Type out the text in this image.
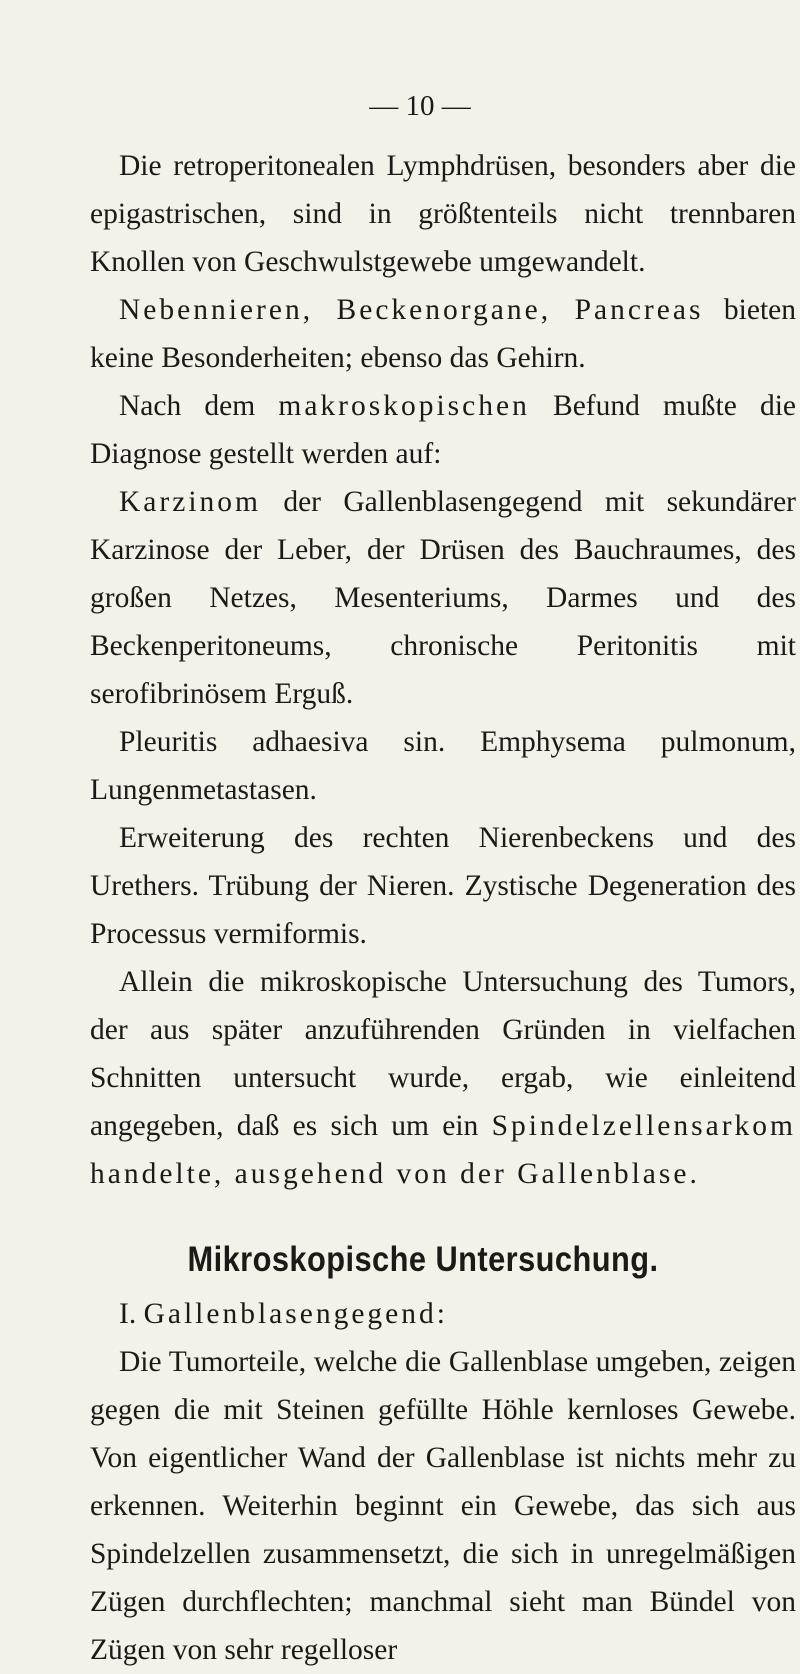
— 10 —

Die retroperitonealen Lymphdrüsen, besonders aber die epigastrischen, sind in größtenteils nicht trennbaren Knollen von Geschwulstgewebe umgewandelt.

Nebennieren, Beckenorgane, Pancreas bieten keine Besonderheiten; ebenso das Gehirn.

Nach dem makroskopischen Befund mußte die Diagnose gestellt werden auf:

Karzinom der Gallenblasengegend mit sekundärer Karzinose der Leber, der Drüsen des Bauchraumes, des großen Netzes, Mesenteriums, Darmes und des Beckenperitoneums, chronische Peritonitis mit serofibrinösem Erguß.

Pleuritis adhaesiva sin. Emphysema pulmonum, Lungenmetastasen.

Erweiterung des rechten Nierenbeckens und des Urethers. Trübung der Nieren. Zystische Degeneration des Processus vermiformis.

Allein die mikroskopische Untersuchung des Tumors, der aus später anzuführenden Gründen in vielfachen Schnitten untersucht wurde, ergab, wie einleitend angegeben, daß es sich um ein Spindelzellensarkom handelte, ausgehend von der Gallenblase.

Mikroskopische Untersuchung.

I. Gallenblasengegend:

Die Tumorteile, welche die Gallenblase umgeben, zeigen gegen die mit Steinen gefüllte Höhle kernloses Gewebe. Von eigentlicher Wand der Gallenblase ist nichts mehr zu erkennen. Weiterhin beginnt ein Gewebe, das sich aus Spindelzellen zusammensetzt, die sich in unregelmäßigen Zügen durchflechten; manchmal sieht man Bündel von Zügen von sehr regelloser
